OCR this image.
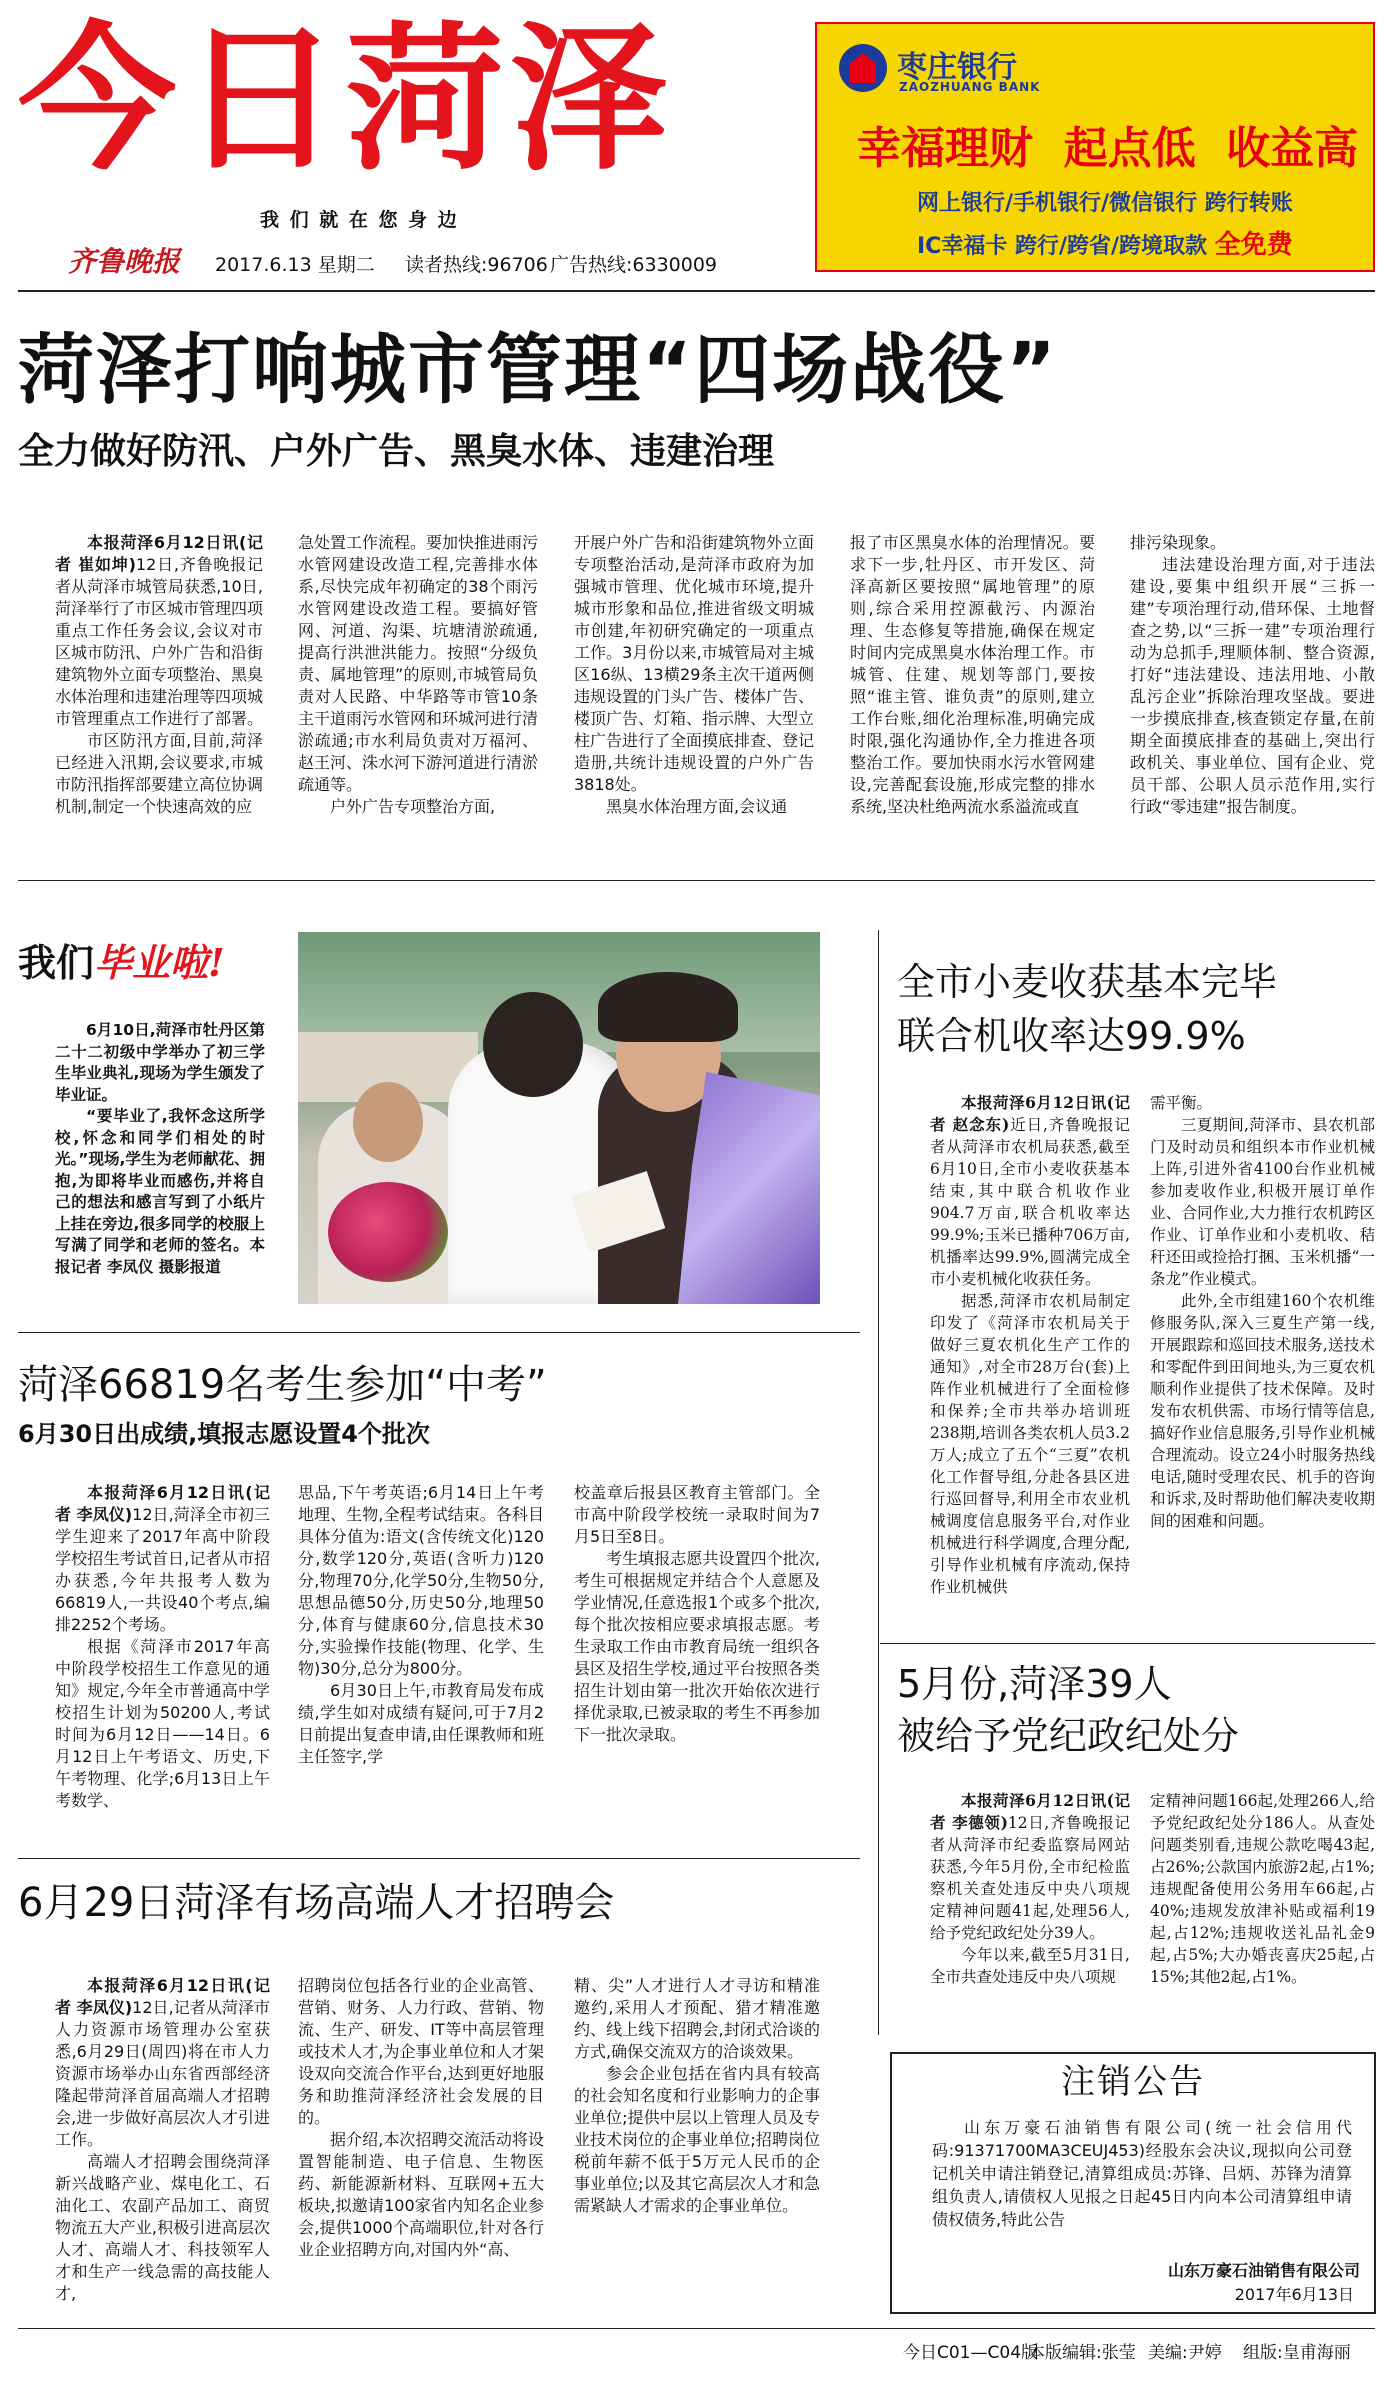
今日菏泽
我 们 就 在 您 身 边
齐鲁晚报 2017.6.13 星期二 读者热线:96706 广告热线:6330009
枣庄银行
ZAOZHUANG BANK
幸福理财  起点低  收益高
网上银行/手机银行/微信银行 跨行转账
IC幸福卡 跨行/跨省/跨境取款 全免费
菏泽打响城市管理“四场战役”
全力做好防汛、户外广告、黑臭水体、违建治理

本报菏泽6月12日讯(记者 崔如坤)12日,齐鲁晚报记者从菏泽市城管局获悉,10日,菏泽举行了市区城市管理四项重点工作任务会议,会议对市区城市防汛、户外广告和沿街建筑物外立面专项整治、黑臭水体治理和违建治理等四项城市管理重点工作进行了部署。

市区防汛方面,目前,菏泽已经进入汛期,会议要求,市城市防汛指挥部要建立高位协调机制,制定一个快速高效的应

急处置工作流程。要加快推进雨污水管网建设改造工程,完善排水体系,尽快完成年初确定的38个雨污水管网建设改造工程。要搞好管网、河道、沟渠、坑塘清淤疏通,提高行洪泄洪能力。按照“分级负责、属地管理”的原则,市城管局负责对人民路、中华路等市管10条主干道雨污水管网和环城河进行清淤疏通;市水利局负责对万福河、赵王河、洙水河下游河道进行清淤疏通等。

户外广告专项整治方面,

开展户外广告和沿街建筑物外立面专项整治活动,是菏泽市政府为加强城市管理、优化城市环境,提升城市形象和品位,推进省级文明城市创建,年初研究确定的一项重点工作。3月份以来,市城管局对主城区16纵、13横29条主次干道两侧违规设置的门头广告、楼体广告、楼顶广告、灯箱、指示牌、大型立柱广告进行了全面摸底排查、登记造册,共统计违规设置的户外广告3818处。

黑臭水体治理方面,会议通

报了市区黑臭水体的治理情况。要求下一步,牡丹区、市开发区、菏泽高新区要按照“属地管理”的原则,综合采用控源截污、内源治理、生态修复等措施,确保在规定时间内完成黑臭水体治理工作。市城管、住建、规划等部门,要按照“谁主管、谁负责”的原则,建立工作台账,细化治理标准,明确完成时限,强化沟通协作,全力推进各项整治工作。要加快雨水污水管网建设,完善配套设施,形成完整的排水系统,坚决杜绝两流水系溢流或直

排污染现象。

违法建设治理方面,对于违法建设,要集中组织开展“三拆一建”专项治理行动,借环保、土地督查之势,以“三拆一建”专项治理行动为总抓手,理顺体制、整合资源,打好“违法建设、违法用地、小散乱污企业”拆除治理攻坚战。要进一步摸底排查,核查锁定存量,在前期全面摸底排查的基础上,突出行政机关、事业单位、国有企业、党员干部、公职人员示范作用,实行行政“零违建”报告制度。

我们毕业啦!

6月10日,菏泽市牡丹区第二十二初级中学举办了初三学生毕业典礼,现场为学生颁发了毕业证。

“要毕业了,我怀念这所学校,怀念和同学们相处的时光。”现场,学生为老师献花、拥抱,为即将毕业而感伤,并将自己的想法和感言写到了小纸片上挂在旁边,很多同学的校服上写满了同学和老师的签名。本报记者 李凤仪 摄影报道

全市小麦收获基本完毕
联合机收率达99.9%

本报菏泽6月12日讯(记者 赵念东)近日,齐鲁晚报记者从菏泽市农机局获悉,截至6月10日,全市小麦收获基本结束,其中联合机收作业904.7万亩,联合机收率达99.9%;玉米已播种706万亩,机播率达99.9%,圆满完成全市小麦机械化收获任务。

据悉,菏泽市农机局制定印发了《菏泽市农机局关于做好三夏农机化生产工作的通知》,对全市28万台(套)上阵作业机械进行了全面检修和保养;全市共举办培训班238期,培训各类农机人员3.2万人;成立了五个“三夏”农机化工作督导组,分赴各县区进行巡回督导,利用全市农业机械调度信息服务平台,对作业机械进行科学调度,合理分配,引导作业机械有序流动,保持作业机械供

需平衡。

三夏期间,菏泽市、县农机部门及时动员和组织本市作业机械上阵,引进外省4100台作业机械参加麦收作业,积极开展订单作业、合同作业,大力推行农机跨区作业、订单作业和小麦机收、秸秆还田或捡拾打捆、玉米机播“一条龙”作业模式。

此外,全市组建160个农机维修服务队,深入三夏生产第一线,开展跟踪和巡回技术服务,送技术和零配件到田间地头,为三夏农机顺利作业提供了技术保障。及时发布农机供需、市场行情等信息,搞好作业信息服务,引导作业机械合理流动。设立24小时服务热线电话,随时受理农民、机手的咨询和诉求,及时帮助他们解决麦收期间的困难和问题。

5月份,菏泽39人
被给予党纪政纪处分

本报菏泽6月12日讯(记者 李德领)12日,齐鲁晚报记者从菏泽市纪委监察局网站获悉,今年5月份,全市纪检监察机关查处违反中央八项规定精神问题41起,处理56人,给予党纪政纪处分39人。

今年以来,截至5月31日,全市共查处违反中央八项规

定精神问题166起,处理266人,给予党纪政纪处分186人。从查处问题类别看,违规公款吃喝43起,占26%;公款国内旅游2起,占1%;违规配备使用公务用车66起,占40%;违规发放津补贴或福利19起,占12%;违规收送礼品礼金9起,占5%;大办婚丧喜庆25起,占15%;其他2起,占1%。

注销公告
山东万豪石油销售有限公司(统一社会信用代码:91371700MA3CEUJ453)经股东会决议,现拟向公司登记机关申请注销登记,清算组成员:苏锋、吕炳、苏锋为清算组负责人,请债权人见报之日起45日内向本公司清算组申请债权债务,特此公告
山东万豪石油销售有限公司
2017年6月13日
菏泽66819名考生参加“中考”
6月30日出成绩,填报志愿设置4个批次

本报菏泽6月12日讯(记者 李凤仪)12日,菏泽全市初三学生迎来了2017年高中阶段学校招生考试首日,记者从市招办获悉,今年共报考人数为66819人,一共设40个考点,编排2252个考场。

根据《菏泽市2017年高中阶段学校招生工作意见的通知》规定,今年全市普通高中学校招生计划为50200人,考试时间为6月12日——14日。6月12日上午考语文、历史,下午考物理、化学;6月13日上午考数学、

思品,下午考英语;6月14日上午考地理、生物,全程考试结束。各科目具体分值为:语文(含传统文化)120分,数学120分,英语(含听力)120分,物理70分,化学50分,生物50分,思想品德50分,历史50分,地理50分,体育与健康60分,信息技术30分,实验操作技能(物理、化学、生物)30分,总分为800分。

6月30日上午,市教育局发布成绩,学生如对成绩有疑问,可于7月2日前提出复查申请,由任课教师和班主任签字,学

校盖章后报县区教育主管部门。全市高中阶段学校统一录取时间为7月5日至8日。

考生填报志愿共设置四个批次,考生可根据规定并结合个人意愿及学业情况,任意选报1个或多个批次,每个批次按相应要求填报志愿。考生录取工作由市教育局统一组织各县区及招生学校,通过平台按照各类招生计划由第一批次开始依次进行择优录取,已被录取的考生不再参加下一批次录取。

6月29日菏泽有场高端人才招聘会

本报菏泽6月12日讯(记者 李凤仪)12日,记者从菏泽市人力资源市场管理办公室获悉,6月29日(周四)将在市人力资源市场举办山东省西部经济隆起带菏泽首届高端人才招聘会,进一步做好高层次人才引进工作。

高端人才招聘会围绕菏泽新兴战略产业、煤电化工、石油化工、农副产品加工、商贸物流五大产业,积极引进高层次人才、高端人才、科技领军人才和生产一线急需的高技能人才,

招聘岗位包括各行业的企业高管、营销、财务、人力行政、营销、物流、生产、研发、IT等中高层管理或技术人才,为企事业单位和人才架设双向交流合作平台,达到更好地服务和助推菏泽经济社会发展的目的。

据介绍,本次招聘交流活动将设置智能制造、电子信息、生物医药、新能源新材料、互联网+五大板块,拟邀请100家省内知名企业参会,提供1000个高端职位,针对各行业企业招聘方向,对国内外“高、

精、尖”人才进行人才寻访和精准邀约,采用人才预配、猎才精准邀约、线上线下招聘会,封闭式洽谈的方式,确保交流双方的洽谈效果。

参会企业包括在省内具有较高的社会知名度和行业影响力的企事业单位;提供中层以上管理人员及专业技术岗位的企事业单位;招聘岗位税前年薪不低于5万元人民币的企事业单位;以及其它高层次人才和急需紧缺人才需求的企事业单位。

今日C01—C04版
本版编辑:张莹 美编:尹婷 组版:皇甫海丽
